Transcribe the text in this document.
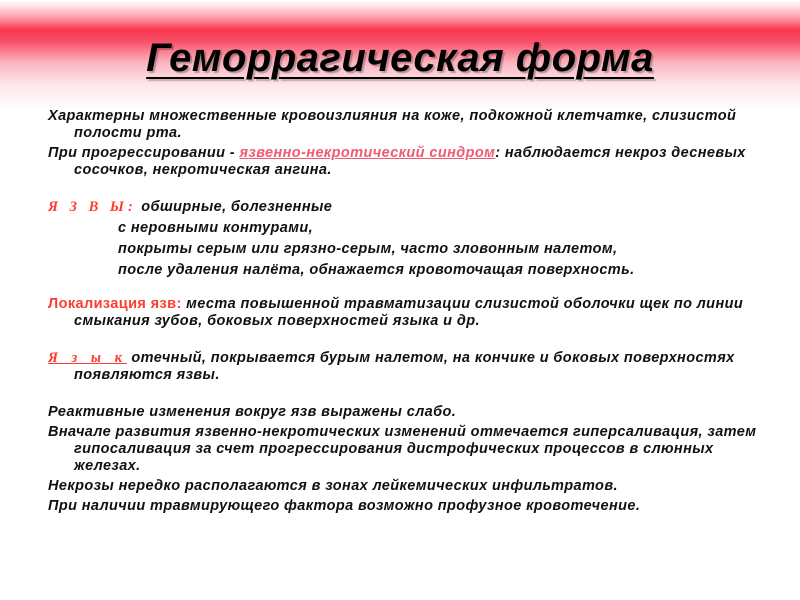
Геморрагическая форма

Характерны множественные кровоизлияния на коже, подкожной клетчатке, слизистой полости рта.

При прогрессировании - язвенно-некротический синдром: наблюдается некроз десневых сосочков, некротическая ангина.

Я З В Ы: обширные, болезненные

с неровными контурами,

покрыты серым или грязно-серым, часто зловонным налетом,

после удаления налёта, обнажается кровоточащая поверхность.

Локализация язв: места повышенной травматизации слизистой оболочки щек по линии смыкания зубов, боковых поверхностей языка и др.

Я з ы к отечный, покрывается бурым налетом, на кончике и боковых поверхностях появляются язвы.

Реактивные изменения вокруг язв выражены слабо.

Вначале развития язвенно-некротических изменений отмечается гиперсаливация, затем гипосаливация за счет прогрессирования дистрофических процессов в слюнных железах.

Некрозы нередко располагаются в зонах лейкемических инфильтратов.

При наличии травмирующего фактора возможно профузное кровотечение.
